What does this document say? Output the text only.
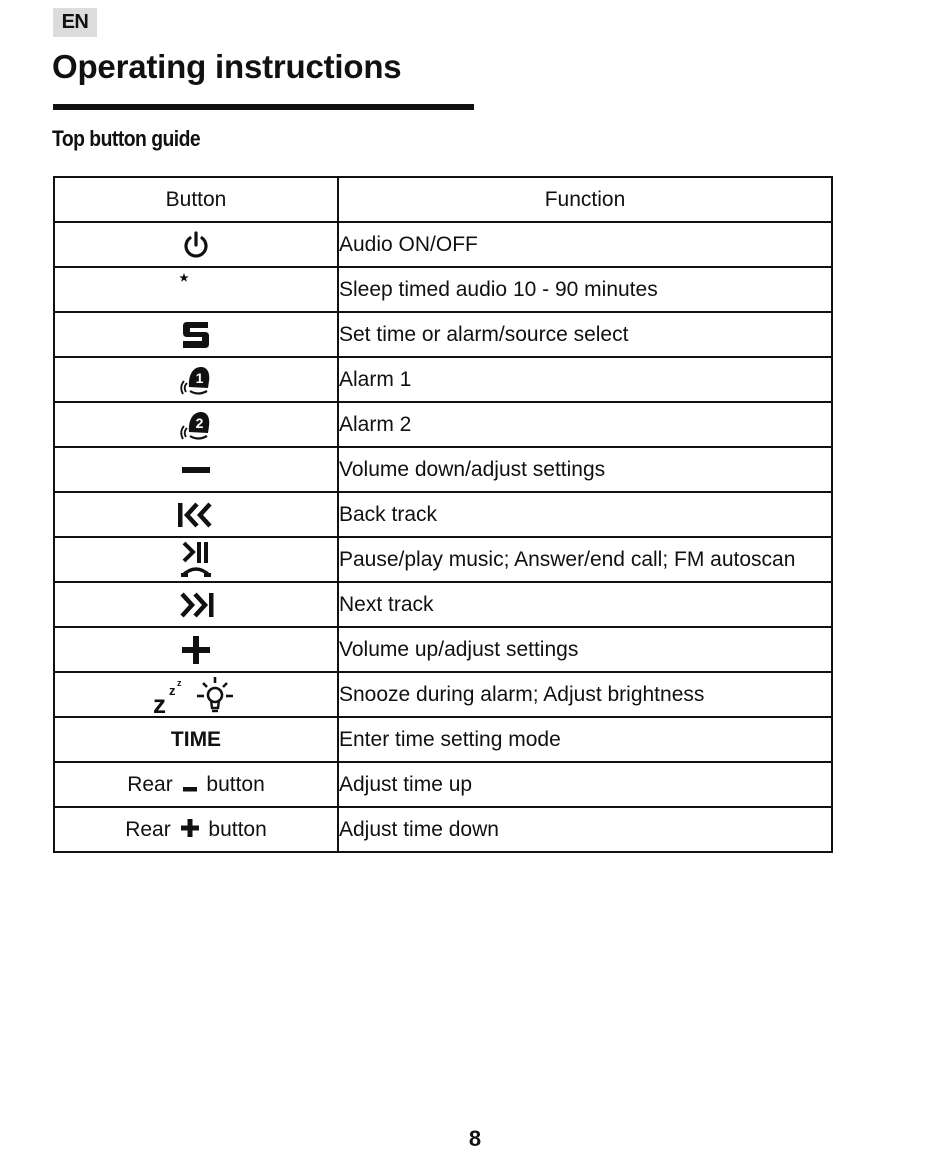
EN
Operating instructions
Top button guide
Button	Function

	Audio ON/OFF

	Sleep timed audio 10 - 90 minutes

	Set time or alarm/source select

1	Alarm 1

2	Alarm 2

	Volume down/adjust settings

	Back track

	Pause/play music; Answer/end call; FM autoscan

	Next track

	Volume up/adjust settings

z z z	Snooze during alarm; Adjust brightness
TIME	Enter time setting mode
Rear button	Adjust time up
Rear button	Adjust time down
8
